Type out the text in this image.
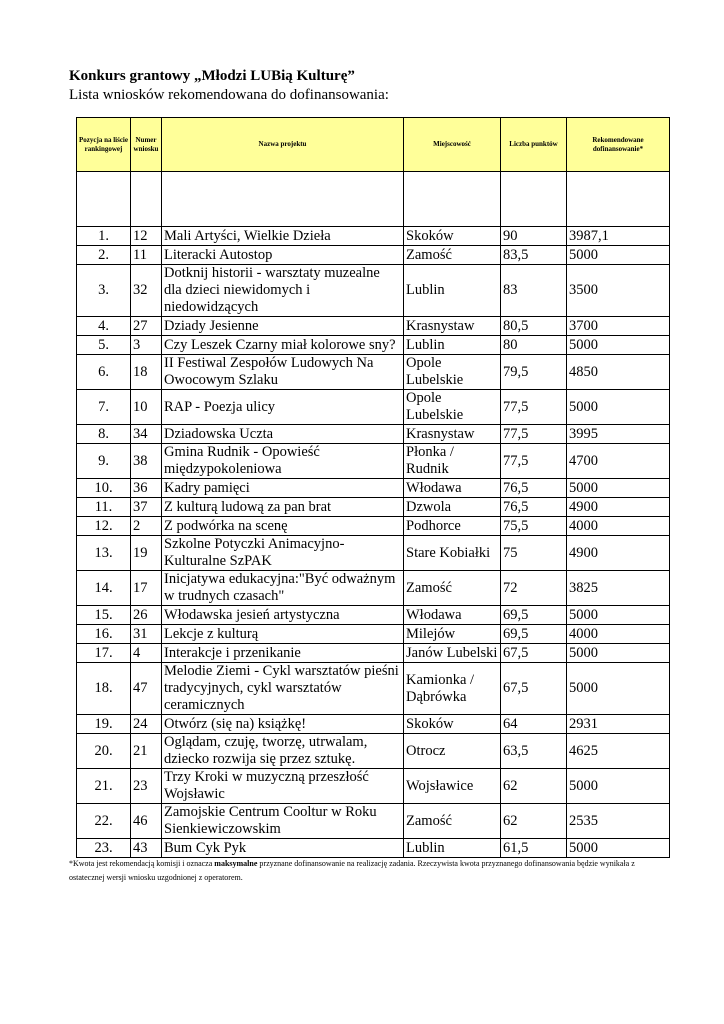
Konkurs grantowy „Młodzi LUBią Kulturę”
Lista wniosków rekomendowana do dofinansowania:
Pozycja na liście rankingowej	Numer wniosku	Nazwa projektu	Miejscowość	Liczba punktów	Rekomendowane dofinansowanie*

1.	12	Mali Artyści, Wielkie Dzieła	Skoków	90	3987,1
2.	11	Literacki Autostop	Zamość	83,5	5000
3.	32	Dotknij historii - warsztaty muzealne dla dzieci niewidomych i niedowidzących	Lublin	83	3500
4.	27	Dziady Jesienne	Krasnystaw	80,5	3700
5.	3	Czy Leszek Czarny miał kolorowe sny?	Lublin	80	5000
6.	18	II Festiwal Zespołów Ludowych Na Owocowym Szlaku	Opole Lubelskie	79,5	4850
7.	10	RAP - Poezja ulicy	Opole Lubelskie	77,5	5000
8.	34	Dziadowska Uczta	Krasnystaw	77,5	3995
9.	38	Gmina Rudnik - Opowieść międzypokoleniowa	Płonka / Rudnik	77,5	4700
10.	36	Kadry pamięci	Włodawa	76,5	5000
11.	37	Z kulturą ludową za pan brat	Dzwola	76,5	4900
12.	2	Z podwórka na scenę	Podhorce	75,5	4000
13.	19	Szkolne Potyczki Animacyjno-Kulturalne SzPAK	Stare Kobiałki	75	4900
14.	17	Inicjatywa edukacyjna:"Być odważnym w trudnych czasach"	Zamość	72	3825
15.	26	Włodawska jesień artystyczna	Włodawa	69,5	5000
16.	31	Lekcje z kulturą	Milejów	69,5	4000
17.	4	Interakcje i przenikanie	Janów Lubelski	67,5	5000
18.	47	Melodie Ziemi - Cykl warsztatów pieśni tradycyjnych, cykl warsztatów ceramicznych	Kamionka / Dąbrówka	67,5	5000
19.	24	Otwórz (się na) książkę!	Skoków	64	2931
20.	21	Oglądam, czuję, tworzę, utrwalam, dziecko rozwija się przez sztukę.	Otrocz	63,5	4625
21.	23	Trzy Kroki w muzyczną przeszłość Wojsławic	Wojsławice	62	5000
22.	46	Zamojskie Centrum Cooltur w Roku Sienkiewiczowskim	Zamość	62	2535
23.	43	Bum Cyk Pyk	Lublin	61,5	5000
*Kwota jest rekomendacją komisji i oznacza maksymalne przyznane dofinansowanie na realizację zadania. Rzeczywista kwota przyznanego dofinansowania będzie wynikała z ostatecznej wersji wniosku uzgodnionej z operatorem.
